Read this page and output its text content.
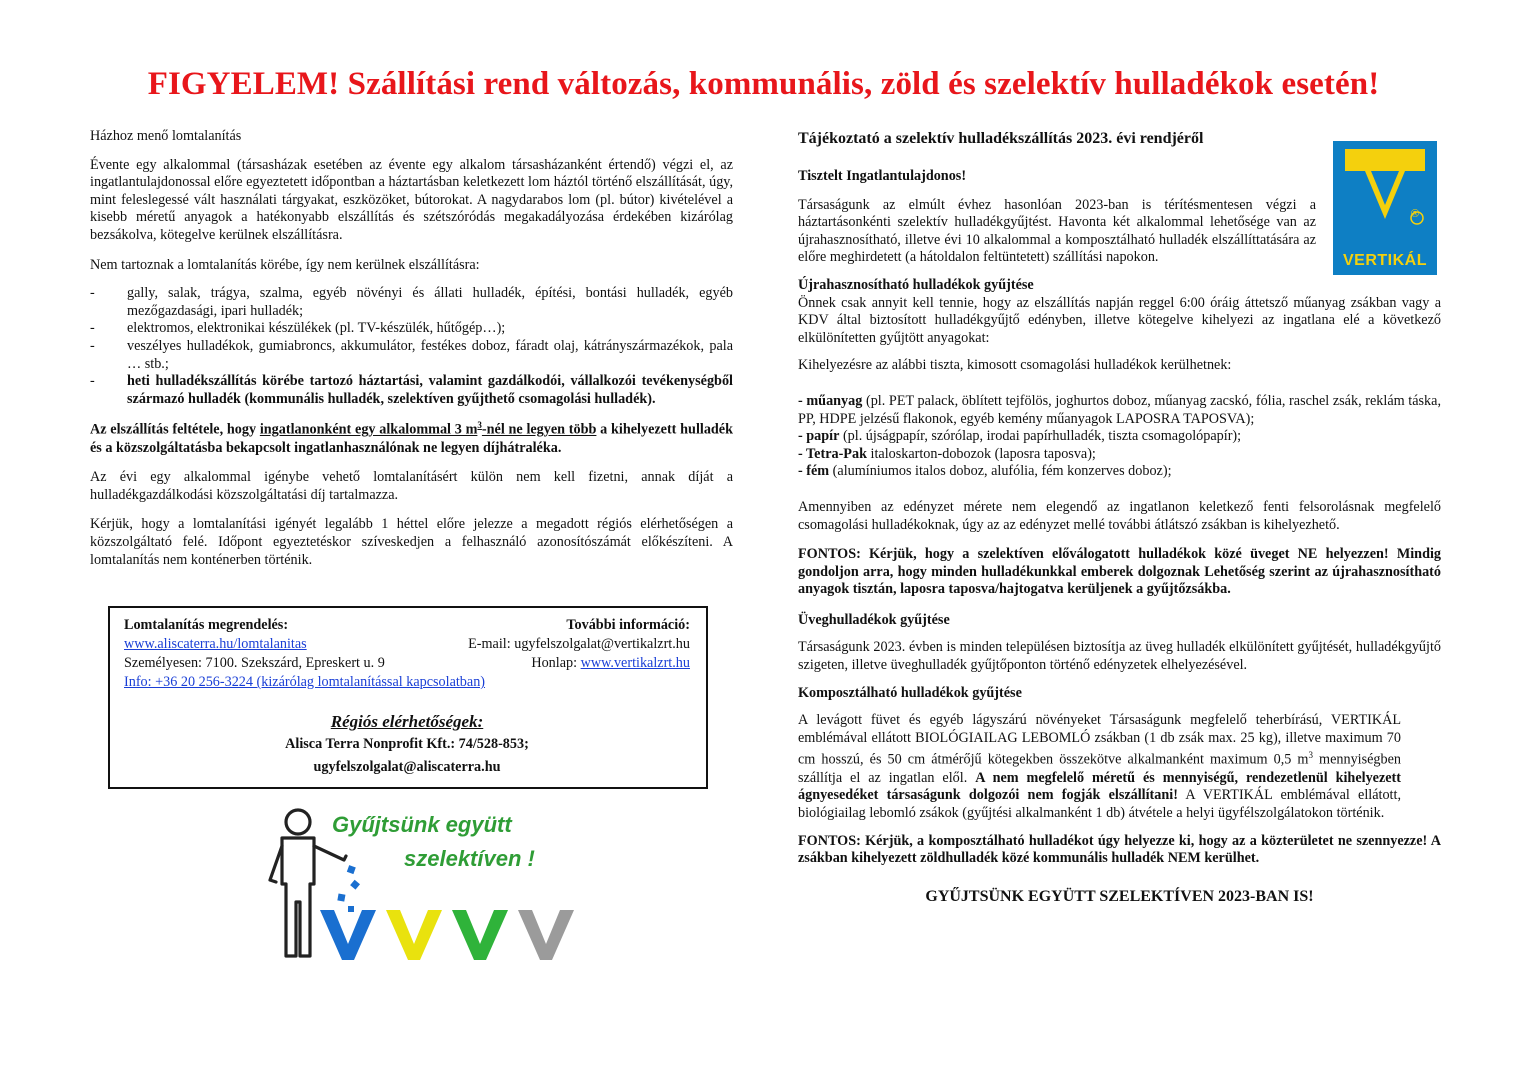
FIGYELEM! Szállítási rend változás, kommunális, zöld és szelektív hulladékok esetén!

Házhoz menő lomtalanítás

Évente egy alkalommal (társasházak esetében az évente egy alkalom társasházanként értendő) végzi el, az ingatlantulajdonossal előre egyeztetett időpontban a háztartásban keletkezett lom háztól történő elszállítását, úgy, mint feleslegessé vált használati tárgyakat, eszközöket, bútorokat. A nagydarabos lom (pl. bútor) kivételével a kisebb méretű anyagok a hatékonyabb elszállítás és szétszóródás megakadályozása érdekében kizárólag bezsákolva, kötegelve kerülnek elszállításra.

Nem tartoznak a lomtalanítás körébe, így nem kerülnek elszállításra:

- gally, salak, trágya, szalma, egyéb növényi és állati hulladék, építési, bontási hulladék, egyéb mezőgazdasági, ipari hulladék;
- elektromos, elektronikai készülékek (pl. TV-készülék, hűtőgép…);
- veszélyes hulladékok, gumiabroncs, akkumulátor, festékes doboz, fáradt olaj, kátrányszármazékok, pala … stb.;
- heti hulladékszállítás körébe tartozó háztartási, valamint gazdálkodói, vállalkozói tevékenységből származó hulladék (kommunális hulladék, szelektíven gyűjthető csomagolási hulladék).

Az elszállítás feltétele, hogy ingatlanonként egy alkalommal 3 $m^3$-nél ne legyen több a kihelyezett hulladék és a közszolgáltatásba bekapcsolt ingatlanhasználónak ne legyen díjhátraléka.

Az évi egy alkalommal igénybe vehető lomtalanításért külön nem kell fizetni, annak díját a hulladékgazdálkodási közszolgáltatási díj tartalmazza.

Kérjük, hogy a lomtalanítási igényét legalább 1 héttel előre jelezze a megadott régiós elérhetőségen a közszolgáltató felé. Időpont egyeztetéskor szíveskedjen a felhasználó azonosítószámát előkészíteni. A lomtalanítás nem konténerben történik.

Lomtalanítás megrendelés:	További információ:
www.aliscaterra.hu/lomtalanitas	E-mail: ugyfelszolgalat@vertikalzrt.hu
Személyesen: 7100. Szekszárd, Epreskert u. 9	Honlap: www.vertikalzrt.hu
Info: +36 20 256-3224 (kizárólag lomtalanítással kapcsolatban)
Régiós elérhetőségek:
Alisca Terra Nonprofit Kft.: 74/528-853;
ugyfelszolgalat@aliscaterra.hu
Gyűjtsünk együtt
szelektíven !

Tájékoztató a szelektív hulladékszállítás 2023. évi rendjéről

®
VERTIKÁL

Tisztelt Ingatlantulajdonos!

Társaságunk az elmúlt évhez hasonlóan 2023-ban is térítésmentesen végzi a háztartásonkénti szelektív hulladékgyűjtést. Havonta két alkalommal lehetősége van az újrahasznosítható, illetve évi 10 alkalommal a komposztálható hulladék elszállíttatására az előre meghirdetett (a hátoldalon feltüntetett) szállítási napokon.

Újrahasznosítható hulladékok gyűjtése

Önnek csak annyit kell tennie, hogy az elszállítás napján reggel 6:00 óráig áttetsző műanyag zsákban vagy a KDV által biztosított hulladékgyűjtő edényben, illetve kötegelve kihelyezi az ingatlana elé a következő elkülönítetten gyűjtött anyagokat:

Kihelyezésre az alábbi tiszta, kimosott csomagolási hulladékok kerülhetnek:

- műanyag (pl. PET palack, öblített tejfölös, joghurtos doboz, műanyag zacskó, fólia, raschel zsák, reklám táska, PP, HDPE jelzésű flakonok, egyéb kemény műanyagok LAPOSRA TAPOSVA);

- papír (pl. újságpapír, szórólap, irodai papírhulladék, tiszta csomagolópapír);

- Tetra-Pak italoskarton-dobozok (laposra taposva);

- fém (alumíniumos italos doboz, alufólia, fém konzerves doboz);

Amennyiben az edényzet mérete nem elegendő az ingatlanon keletkező fenti felsorolásnak megfelelő csomagolási hulladékoknak, úgy az az edényzet mellé további átlátszó zsákban is kihelyezhető.

FONTOS: Kérjük, hogy a szelektíven előválogatott hulladékok közé üveget NE helyezzen! Mindig gondoljon arra, hogy minden hulladékunkkal emberek dolgoznak Lehetőség szerint az újrahasznosítható anyagok tisztán, laposra taposva/hajtogatva kerüljenek a gyűjtőzsákba.

Üveghulladékok gyűjtése

Társaságunk 2023. évben is minden településen biztosítja az üveg hulladék elkülönített gyűjtését, hulladékgyűjtő szigeten, illetve üveghulladék gyűjtőponton történő edényzetek elhelyezésével.

Komposztálható hulladékok gyűjtése

A levágott füvet és egyéb lágyszárú növényeket Társaságunk megfelelő teherbírású, VERTIKÁL emblémával ellátott BIOLÓGIAILAG LEBOMLÓ zsákban (1 db zsák max. 25 kg), illetve maximum 70 cm hosszú, és 50 cm átmérőjű kötegekben összekötve alkalmanként maximum 0,5 $m^3$ mennyiségben szállítja el az ingatlan elől. A nem megfelelő méretű és mennyiségű, rendezetlenül kihelyezett ágnyesedéket társaságunk dolgozói nem fogják elszállítani! A VERTIKÁL emblémával ellátott, biológiailag lebomló zsákok (gyűjtési alkalmanként 1 db) átvétele a helyi ügyfélszolgálatokon történik.

FONTOS: Kérjük, a komposztálható hulladékot úgy helyezze ki, hogy az a közterületet ne szennyezze! A zsákban kihelyezett zöldhulladék közé kommunális hulladék NEM kerülhet.

GYŰJTSÜNK EGYÜTT SZELEKTÍVEN 2023-BAN IS!
